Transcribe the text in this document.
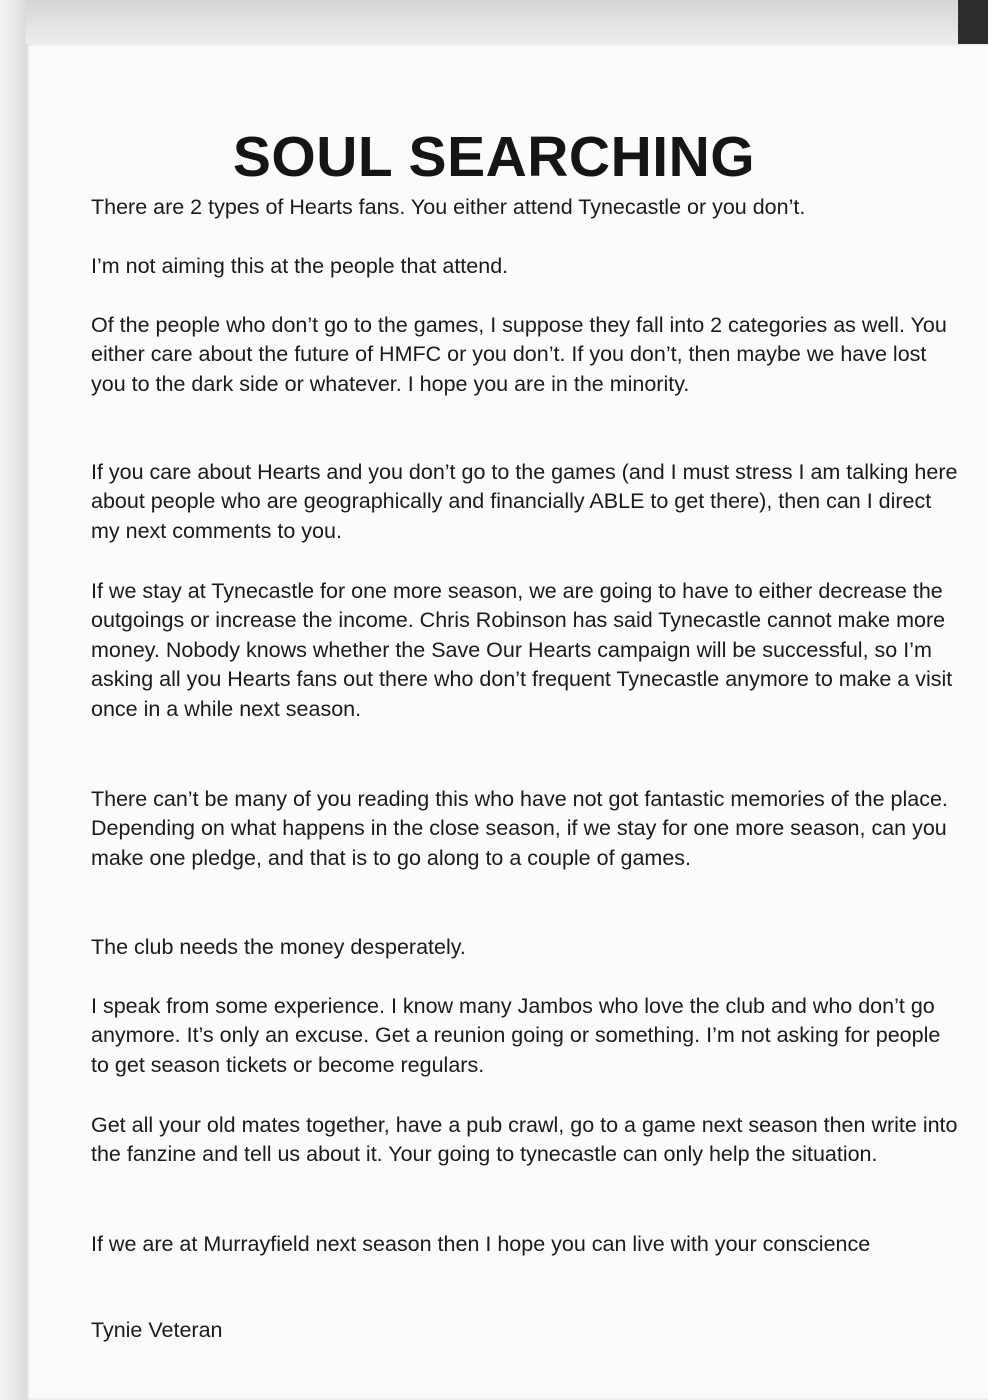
SOUL SEARCHING

There are 2 types of Hearts fans. You either attend Tynecastle or you don’t.

I’m not aiming this at the people that attend.

Of the people who don’t go to the games, I suppose they fall into 2 categories as well. You either care about the future of HMFC or you don’t. If you don’t, then maybe we have lost you to the dark side or whatever. I hope you are in the minority.

If you care about Hearts and you don’t go to the games (and I must stress I am talking here about people who are geographically and financially ABLE to get there), then can I direct my next comments to you.

If we stay at Tynecastle for one more season, we are going to have to either decrease the outgoings or increase the income. Chris Robinson has said Tynecastle cannot make more money. Nobody knows whether the Save Our Hearts campaign will be successful, so I’m asking all you Hearts fans out there who don’t frequent Tynecastle anymore to make a visit once in a while next season.

There can’t be many of you reading this who have not got fantastic memories of the place. Depending on what happens in the close season, if we stay for one more season, can you make one pledge, and that is to go along to a couple of games.

The club needs the money desperately.

I speak from some experience. I know many Jambos who love the club and who don’t go anymore. It’s only an excuse. Get a reunion going or something. I’m not asking for people to get season tickets or become regulars.

Get all your old mates together, have a pub crawl, go to a game next season then write into the fanzine and tell us about it. Your going to tynecastle can only help the situation.

If we are at Murrayfield next season then I hope you can live with your conscience

Tynie Veteran
